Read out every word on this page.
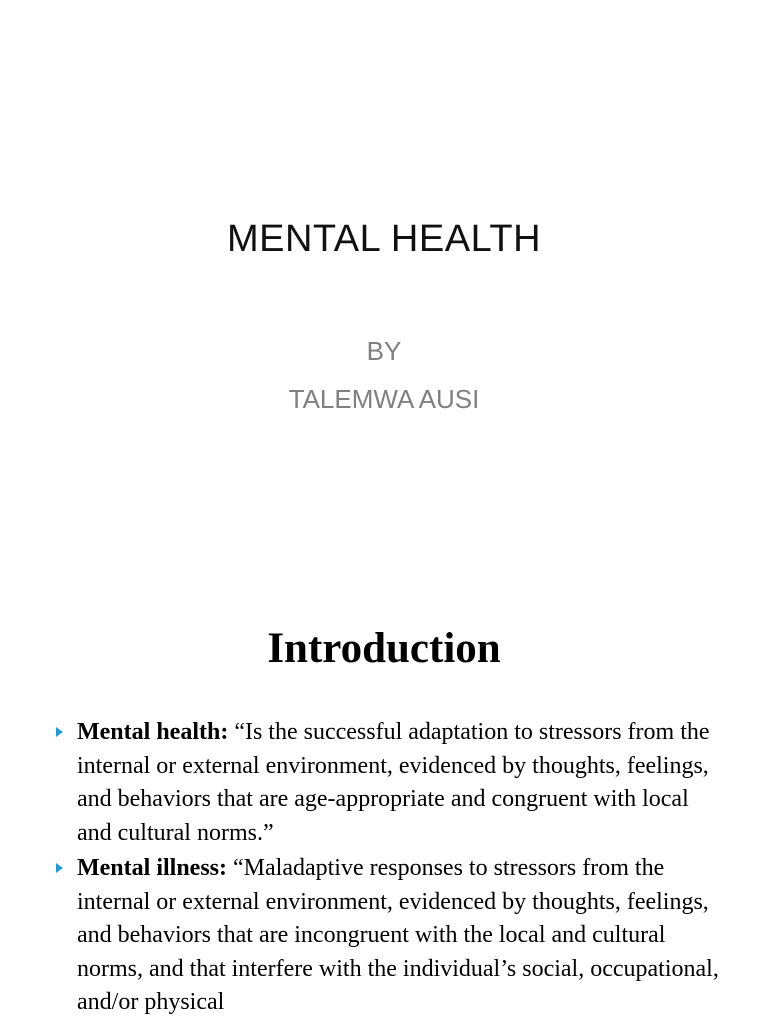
MENTAL HEALTH
BY
TALEMWA AUSI
Introduction
Mental health: “Is the successful adaptation to stressors from the internal or external environment, evidenced by thoughts, feelings, and behaviors that are age-appropriate and congruent with local and cultural norms.”
Mental illness: “Maladaptive responses to stressors from the internal or external environment, evidenced by thoughts, feelings, and behaviors that are incongruent with the local and cultural norms, and that interfere with the individual’s social, occupational, and/or physical
